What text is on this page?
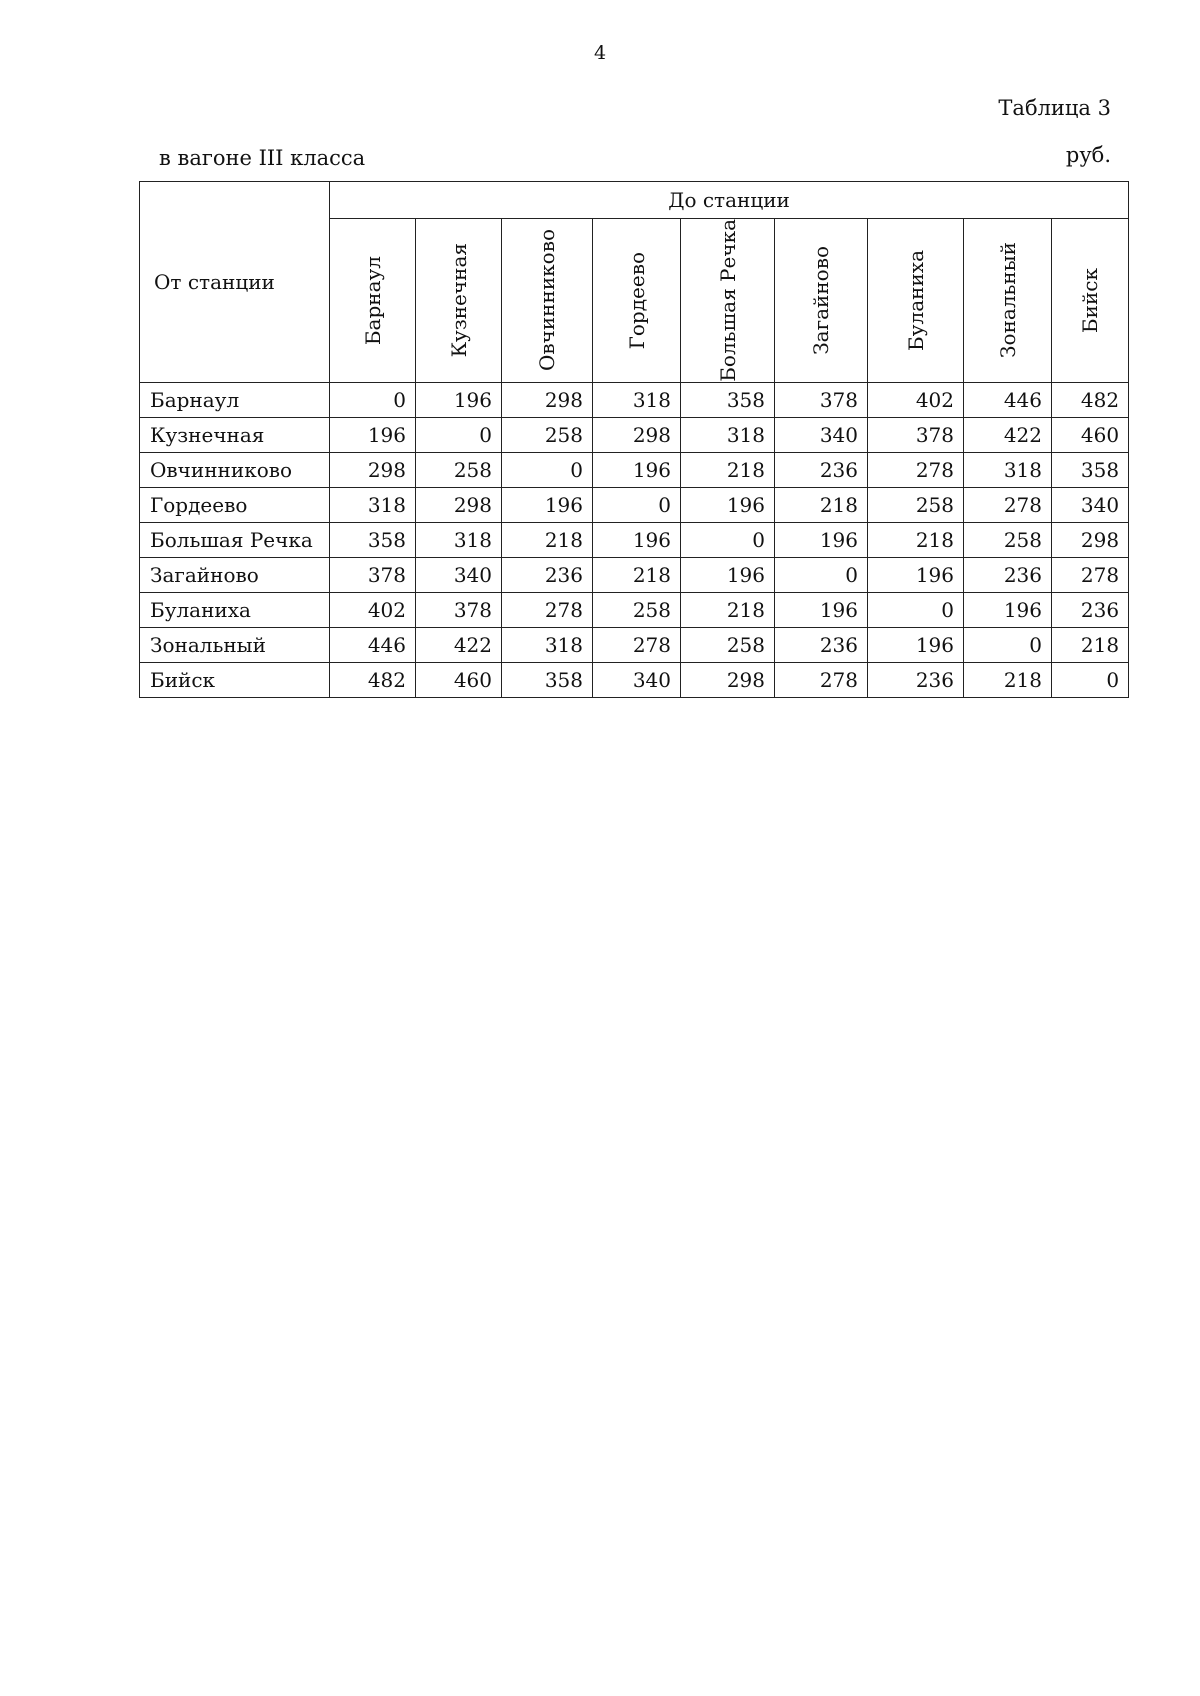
4
Таблица 3
в вагоне III класса	руб.
От станции	До станции								

	Барнаул	Кузнечная	Овчинниково	Гордеево	Большая Речка	Загайново	Буланиха	Зональный	Бийск

Барнаул	0	196	298	318	358	378	402	446	482
Кузнечная	196	0	258	298	318	340	378	422	460
Овчинниково	298	258	0	196	218	236	278	318	358
Гордеево	318	298	196	0	196	218	258	278	340
Большая Речка	358	318	218	196	0	196	218	258	298
Загайново	378	340	236	218	196	0	196	236	278
Буланиха	402	378	278	258	218	196	0	196	236
Зональный	446	422	318	278	258	236	196	0	218
Бийск	482	460	358	340	298	278	236	218	0
